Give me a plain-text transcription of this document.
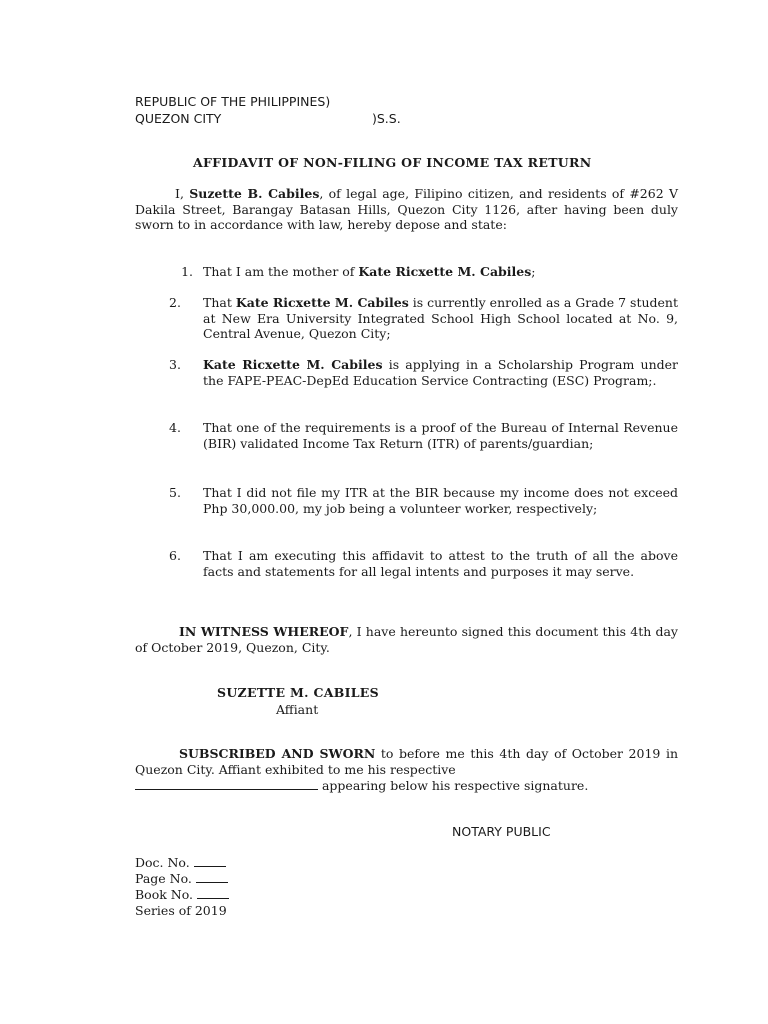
REPUBLIC OF THE PHILIPPINES)
QUEZON CITY	)S.S.
AFFIDAVIT OF NON-FILING OF INCOME TAX RETURN
I, Suzette B. Cabiles, of legal age, Filipino citizen, and residents of #262 V Dakila Street, Barangay Batasan Hills, Quezon City 1126, after having been duly sworn to in accordance with law, hereby depose and state:
1. That I am the mother of Kate Ricxette M. Cabiles;
2.	That Kate Ricxette M. Cabiles is currently enrolled as a Grade 7 student at New Era University Integrated School High School located at No. 9, Central Avenue, Quezon City;
3.	Kate Ricxette M. Cabiles is applying in a Scholarship Program under the FAPE-PEAC-DepEd Education Service Contracting (ESC) Program;.
4.	That one of the requirements is a proof of the Bureau of Internal Revenue (BIR) validated Income Tax Return (ITR) of parents/guardian;
5.	That I did not file my ITR at the BIR because my income does not exceed Php 30,000.00, my job being a volunteer worker, respectively;
6.	That I am executing this affidavit to attest to the truth of all the above facts and statements for all legal intents and purposes it may serve.
IN WITNESS WHEREOF, I have hereunto signed this document this 4th day of October 2019, Quezon, City.
SUZETTE M. CABILES
Affiant
SUBSCRIBED AND SWORN to before me this 4th day of October 2019 in Quezon City. Affiant exhibited to me his respective
appearing below his respective signature.
NOTARY PUBLIC
Doc. No.
Page No.
Book No.
Series of 2019
